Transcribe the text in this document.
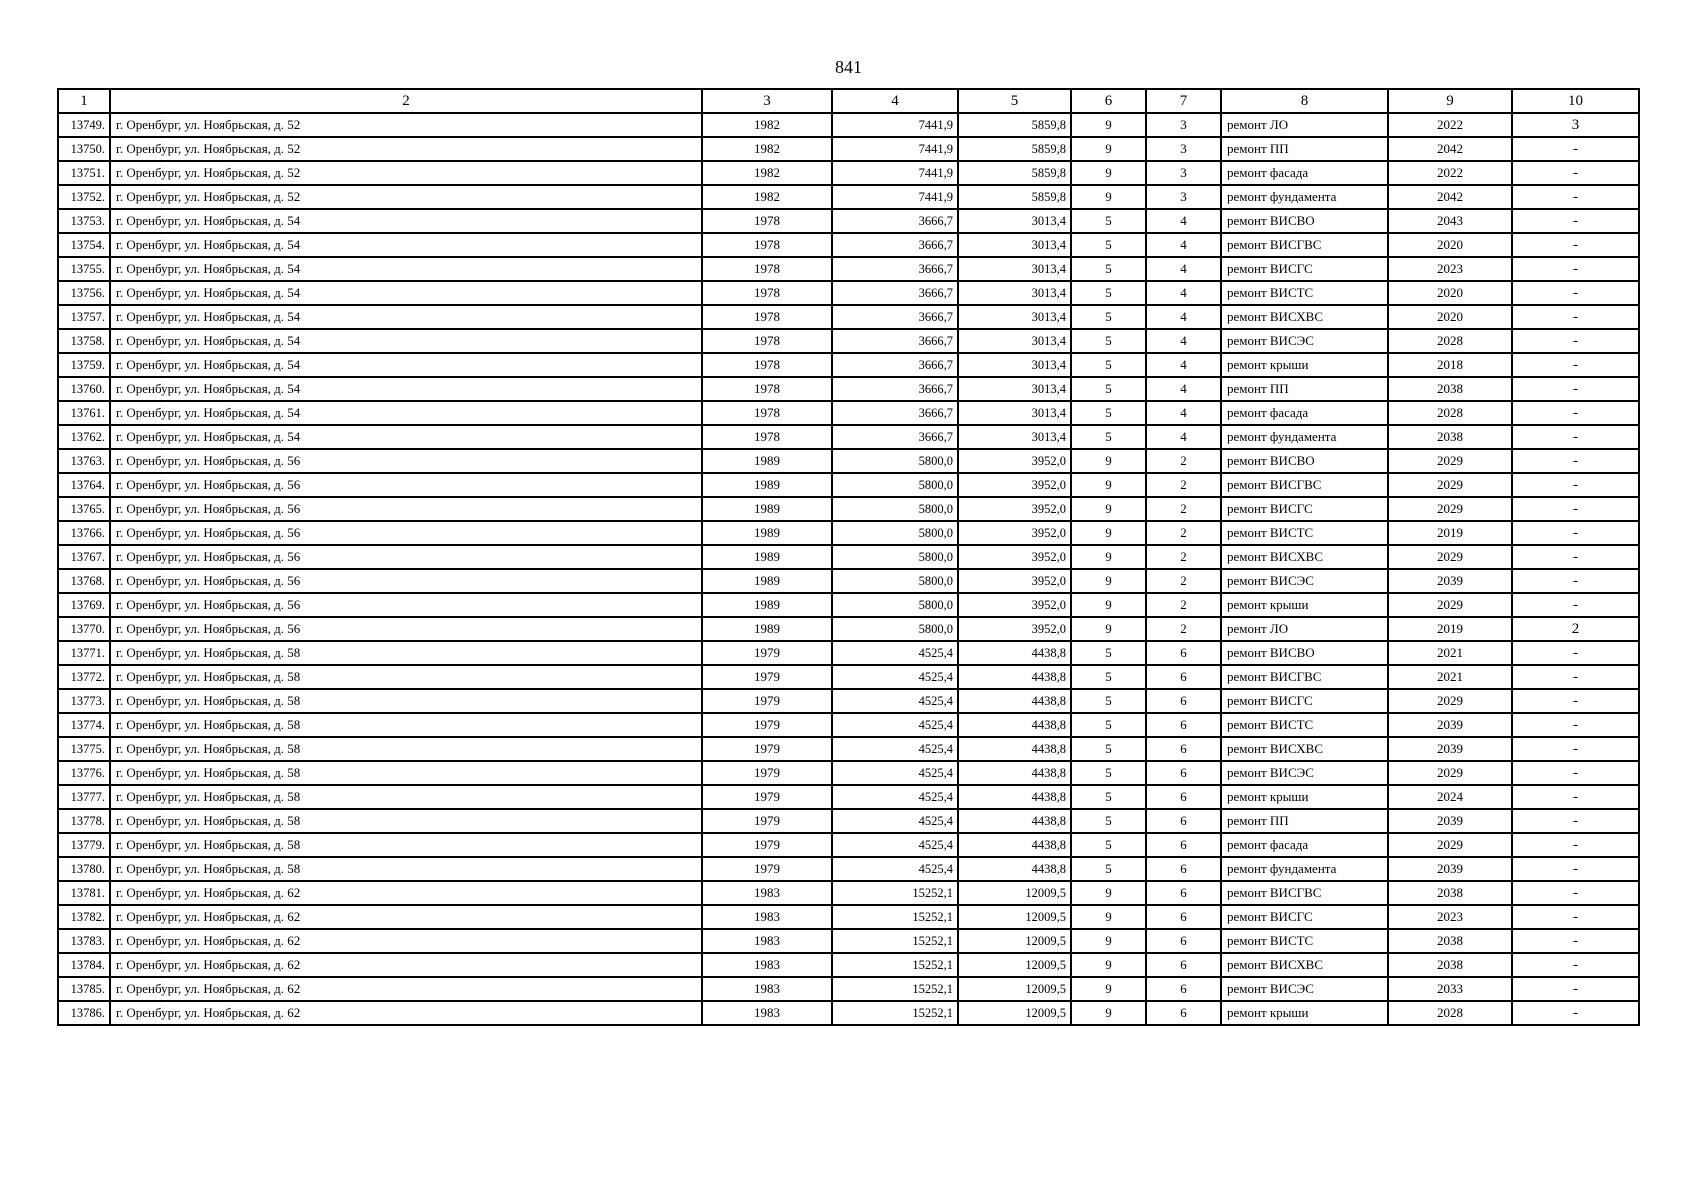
841
1	2	3	4	5	6	7	8	9	10
13749.	г. Оренбург, ул. Ноябрьская, д. 52	1982	7441,9	5859,8	9	3	ремонт ЛО	2022	3
13750.	г. Оренбург, ул. Ноябрьская, д. 52	1982	7441,9	5859,8	9	3	ремонт ПП	2042	-
13751.	г. Оренбург, ул. Ноябрьская, д. 52	1982	7441,9	5859,8	9	3	ремонт фасада	2022	-
13752.	г. Оренбург, ул. Ноябрьская, д. 52	1982	7441,9	5859,8	9	3	ремонт фундамента	2042	-
13753.	г. Оренбург, ул. Ноябрьская, д. 54	1978	3666,7	3013,4	5	4	ремонт ВИСВО	2043	-
13754.	г. Оренбург, ул. Ноябрьская, д. 54	1978	3666,7	3013,4	5	4	ремонт ВИСГВС	2020	-
13755.	г. Оренбург, ул. Ноябрьская, д. 54	1978	3666,7	3013,4	5	4	ремонт ВИСГС	2023	-
13756.	г. Оренбург, ул. Ноябрьская, д. 54	1978	3666,7	3013,4	5	4	ремонт ВИСТС	2020	-
13757.	г. Оренбург, ул. Ноябрьская, д. 54	1978	3666,7	3013,4	5	4	ремонт ВИСХВС	2020	-
13758.	г. Оренбург, ул. Ноябрьская, д. 54	1978	3666,7	3013,4	5	4	ремонт ВИСЭС	2028	-
13759.	г. Оренбург, ул. Ноябрьская, д. 54	1978	3666,7	3013,4	5	4	ремонт крыши	2018	-
13760.	г. Оренбург, ул. Ноябрьская, д. 54	1978	3666,7	3013,4	5	4	ремонт ПП	2038	-
13761.	г. Оренбург, ул. Ноябрьская, д. 54	1978	3666,7	3013,4	5	4	ремонт фасада	2028	-
13762.	г. Оренбург, ул. Ноябрьская, д. 54	1978	3666,7	3013,4	5	4	ремонт фундамента	2038	-
13763.	г. Оренбург, ул. Ноябрьская, д. 56	1989	5800,0	3952,0	9	2	ремонт ВИСВО	2029	-
13764.	г. Оренбург, ул. Ноябрьская, д. 56	1989	5800,0	3952,0	9	2	ремонт ВИСГВС	2029	-
13765.	г. Оренбург, ул. Ноябрьская, д. 56	1989	5800,0	3952,0	9	2	ремонт ВИСГС	2029	-
13766.	г. Оренбург, ул. Ноябрьская, д. 56	1989	5800,0	3952,0	9	2	ремонт ВИСТС	2019	-
13767.	г. Оренбург, ул. Ноябрьская, д. 56	1989	5800,0	3952,0	9	2	ремонт ВИСХВС	2029	-
13768.	г. Оренбург, ул. Ноябрьская, д. 56	1989	5800,0	3952,0	9	2	ремонт ВИСЭС	2039	-
13769.	г. Оренбург, ул. Ноябрьская, д. 56	1989	5800,0	3952,0	9	2	ремонт крыши	2029	-
13770.	г. Оренбург, ул. Ноябрьская, д. 56	1989	5800,0	3952,0	9	2	ремонт ЛО	2019	2
13771.	г. Оренбург, ул. Ноябрьская, д. 58	1979	4525,4	4438,8	5	6	ремонт ВИСВО	2021	-
13772.	г. Оренбург, ул. Ноябрьская, д. 58	1979	4525,4	4438,8	5	6	ремонт ВИСГВС	2021	-
13773.	г. Оренбург, ул. Ноябрьская, д. 58	1979	4525,4	4438,8	5	6	ремонт ВИСГС	2029	-
13774.	г. Оренбург, ул. Ноябрьская, д. 58	1979	4525,4	4438,8	5	6	ремонт ВИСТС	2039	-
13775.	г. Оренбург, ул. Ноябрьская, д. 58	1979	4525,4	4438,8	5	6	ремонт ВИСХВС	2039	-
13776.	г. Оренбург, ул. Ноябрьская, д. 58	1979	4525,4	4438,8	5	6	ремонт ВИСЭС	2029	-
13777.	г. Оренбург, ул. Ноябрьская, д. 58	1979	4525,4	4438,8	5	6	ремонт крыши	2024	-
13778.	г. Оренбург, ул. Ноябрьская, д. 58	1979	4525,4	4438,8	5	6	ремонт ПП	2039	-
13779.	г. Оренбург, ул. Ноябрьская, д. 58	1979	4525,4	4438,8	5	6	ремонт фасада	2029	-
13780.	г. Оренбург, ул. Ноябрьская, д. 58	1979	4525,4	4438,8	5	6	ремонт фундамента	2039	-
13781.	г. Оренбург, ул. Ноябрьская, д. 62	1983	15252,1	12009,5	9	6	ремонт ВИСГВС	2038	-
13782.	г. Оренбург, ул. Ноябрьская, д. 62	1983	15252,1	12009,5	9	6	ремонт ВИСГС	2023	-
13783.	г. Оренбург, ул. Ноябрьская, д. 62	1983	15252,1	12009,5	9	6	ремонт ВИСТС	2038	-
13784.	г. Оренбург, ул. Ноябрьская, д. 62	1983	15252,1	12009,5	9	6	ремонт ВИСХВС	2038	-
13785.	г. Оренбург, ул. Ноябрьская, д. 62	1983	15252,1	12009,5	9	6	ремонт ВИСЭС	2033	-
13786.	г. Оренбург, ул. Ноябрьская, д. 62	1983	15252,1	12009,5	9	6	ремонт крыши	2028	-
